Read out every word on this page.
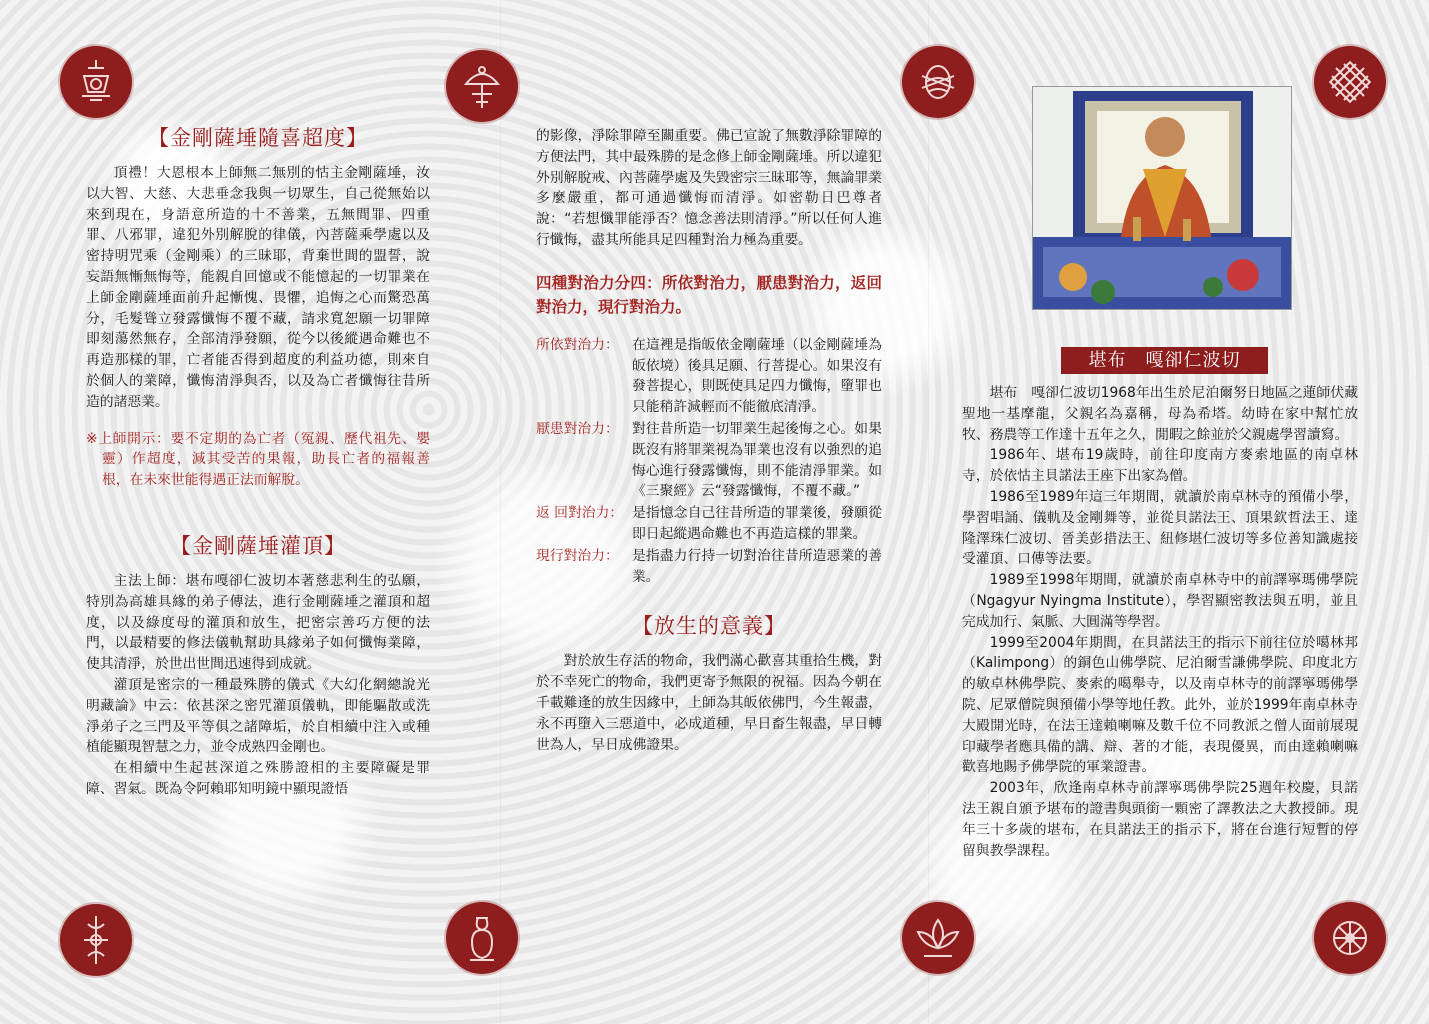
【金剛薩埵隨喜超度】

頂禮！大恩根本上師無二無別的怙主金剛薩埵，汝以大智、大慈、大悲垂念我與一切眾生，自己從無始以來到現在，身語意所造的十不善業，五無間罪、四重罪、八邪罪，違犯外別解脫的律儀，內菩薩乘學處以及密持明咒乘（金剛乘）的三昧耶，背棄世間的盟誓，說妄語無慚無悔等，能親自回憶或不能憶起的一切罪業在上師金剛薩埵面前升起慚愧、畏懼，追悔之心而驚恐萬分，毛髮聳立發露懺悔不覆不藏，請求寬恕願一切罪障即刻蕩然無存，全部清淨發願，從今以後縱遇命難也不再造那樣的罪，亡者能否得到超度的利益功德，則來自於個人的業障，懺悔清淨與否，以及為亡者懺悔往昔所造的諸惡業。

※上師開示：要不定期的為亡者（冤親、歷代祖先、嬰靈）作超度，減其受苦的果報，助長亡者的福報善根，在未來世能得遇正法而解脫。

【金剛薩埵灌頂】

主法上師：堪布嘎卻仁波切本著慈悲利生的弘願，特別為高雄具緣的弟子傳法，進行金剛薩埵之灌頂和超度，以及綠度母的灌頂和放生，把密宗善巧方便的法門，以最精要的修法儀軌幫助具緣弟子如何懺悔業障，使其清淨，於世出世間迅速得到成就。

灌頂是密宗的一種最殊勝的儀式《大幻化網總說光明藏論》中云：依甚深之密咒灌頂儀軌，即能驅散或洗淨弟子之三門及平等俱之諸障垢，於自相續中注入或種植能顯現智慧之力，並令成熟四金剛也。

在相續中生起甚深道之殊勝證相的主要障礙是罪障、習氣。既為令阿賴耶知明鏡中顯現證悟

的影像，淨除罪障至關重要。佛已宣說了無數淨除罪障的方便法門，其中最殊勝的是念修上師金剛薩埵。所以違犯外別解脫戒、內菩薩學處及失毀密宗三昧耶等，無論罪業多麼嚴重，都可通過懺悔而清淨。如密勒日巴尊者說：“若想懺罪能淨否？憶念善法則清淨。”所以任何人進行懺悔，盡其所能具足四種對治力極為重要。

四種對治力分四：所依對治力，厭患對治力，返回對治力，現行對治力。

所依對治力： 在這裡是指皈依金剛薩埵（以金剛薩埵為皈依境）後具足願、行菩提心。如果沒有發菩提心，則既使具足四力懺悔，墮罪也只能稍許減輕而不能徹底清淨。
厭患對治力： 對往昔所造一切罪業生起後悔之心。如果既沒有將罪業視為罪業也沒有以強烈的追悔心進行發露懺悔，則不能清淨罪業。如《三聚經》云“發露懺悔，不覆不藏。”
返 回對治力： 是指憶念自己往昔所造的罪業後，發願從即日起縱遇命難也不再造這樣的罪業。
現行對治力： 是指盡力行持一切對治往昔所造惡業的善業。
【放生的意義】

對於放生存活的物命，我們滿心歡喜其重拾生機，對於不幸死亡的物命，我們更寄予無限的祝福。因為今朝在千載難逢的放生因緣中，上師為其皈依佛門，今生報盡，永不再墮入三惡道中，必成道種，早日畜生報盡，早日轉世為人，早日成佛證果。

堪布　嘎卻仁波切

堪布　嘎卻仁波切1968年出生於尼泊爾努日地區之蓮師伏藏聖地一基摩龍，父親名為嘉稱，母為希塔。幼時在家中幫忙放牧、務農等工作達十五年之久，閒暇之餘並於父親處學習讀寫。

1986年、堪布19歲時，前往印度南方麥索地區的南卓林寺，於依怙主貝諾法王座下出家為僧。

1986至1989年這三年期間，就讀於南卓林寺的預備小學，學習唱誦、儀軌及金剛舞等，並從貝諾法王、頂果欽哲法王、達隆澤珠仁波切、晉美彭措法王、紐修堪仁波切等多位善知識處接受灌頂、口傳等法要。

1989至1998年期間，就讀於南卓林寺中的前譯寧瑪佛學院（Ngagyur Nyingma Institute），學習顯密教法與五明，並且完成加行、氣脈、大圓滿等學習。

1999至2004年期間，在貝諾法王的指示下前往位於噶林邦（Kalimpong）的銅色山佛學院、尼泊爾雪謙佛學院、印度北方的敏卓林佛學院、麥索的噶舉寺，以及南卓林寺的前譯寧瑪佛學院、尼眾僧院與預備小學等地任教。此外，並於1999年南卓林寺大殿開光時，在法王達賴喇嘛及數千位不同教派之僧人面前展現印藏學者應具備的講、辯、著的才能，表現優異，而由達賴喇嘛歡喜地賜予佛學院的軍業證書。

2003年，欣逢南卓林寺前譯寧瑪佛學院25週年校慶，貝諾法王親自頒予堪布的證書與頭銜一顆密了譯教法之大教授師。現年三十多歲的堪布，在貝諾法王的指示下，將在台進行短暫的停留與教學課程。
